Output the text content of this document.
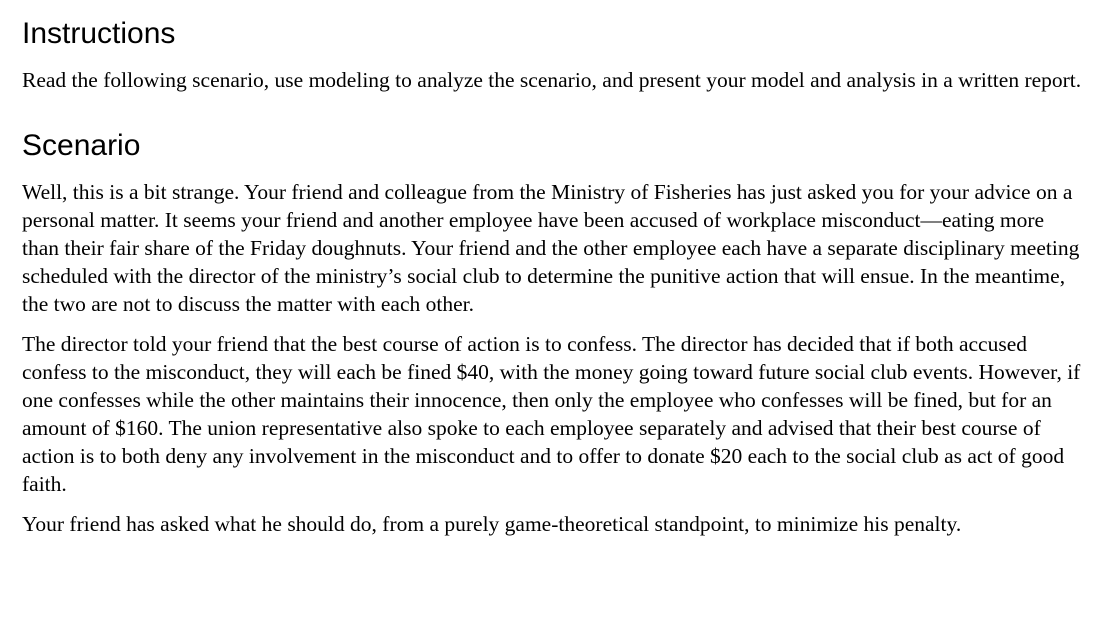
Instructions

Read the following scenario, use modeling to analyze the scenario, and present your model and analysis in a written report.

Scenario

Well, this is a bit strange. Your friend and colleague from the Ministry of Fisheries has just asked you for your advice on a personal matter. It seems your friend and another employee have been accused of workplace misconduct—eating more than their fair share of the Friday doughnuts. Your friend and the other employee each have a separate disciplinary meeting scheduled with the director of the ministry’s social club to determine the punitive action that will ensue. In the meantime, the two are not to discuss the matter with each other.

The director told your friend that the best course of action is to confess. The director has decided that if both accused confess to the misconduct, they will each be fined $40, with the money going toward future social club events. However, if one confesses while the other maintains their innocence, then only the employee who confesses will be fined, but for an amount of $160. The union representative also spoke to each employee separately and advised that their best course of action is to both deny any involvement in the misconduct and to offer to donate $20 each to the social club as act of good faith.

Your friend has asked what he should do, from a purely game-theoretical standpoint, to minimize his penalty.
